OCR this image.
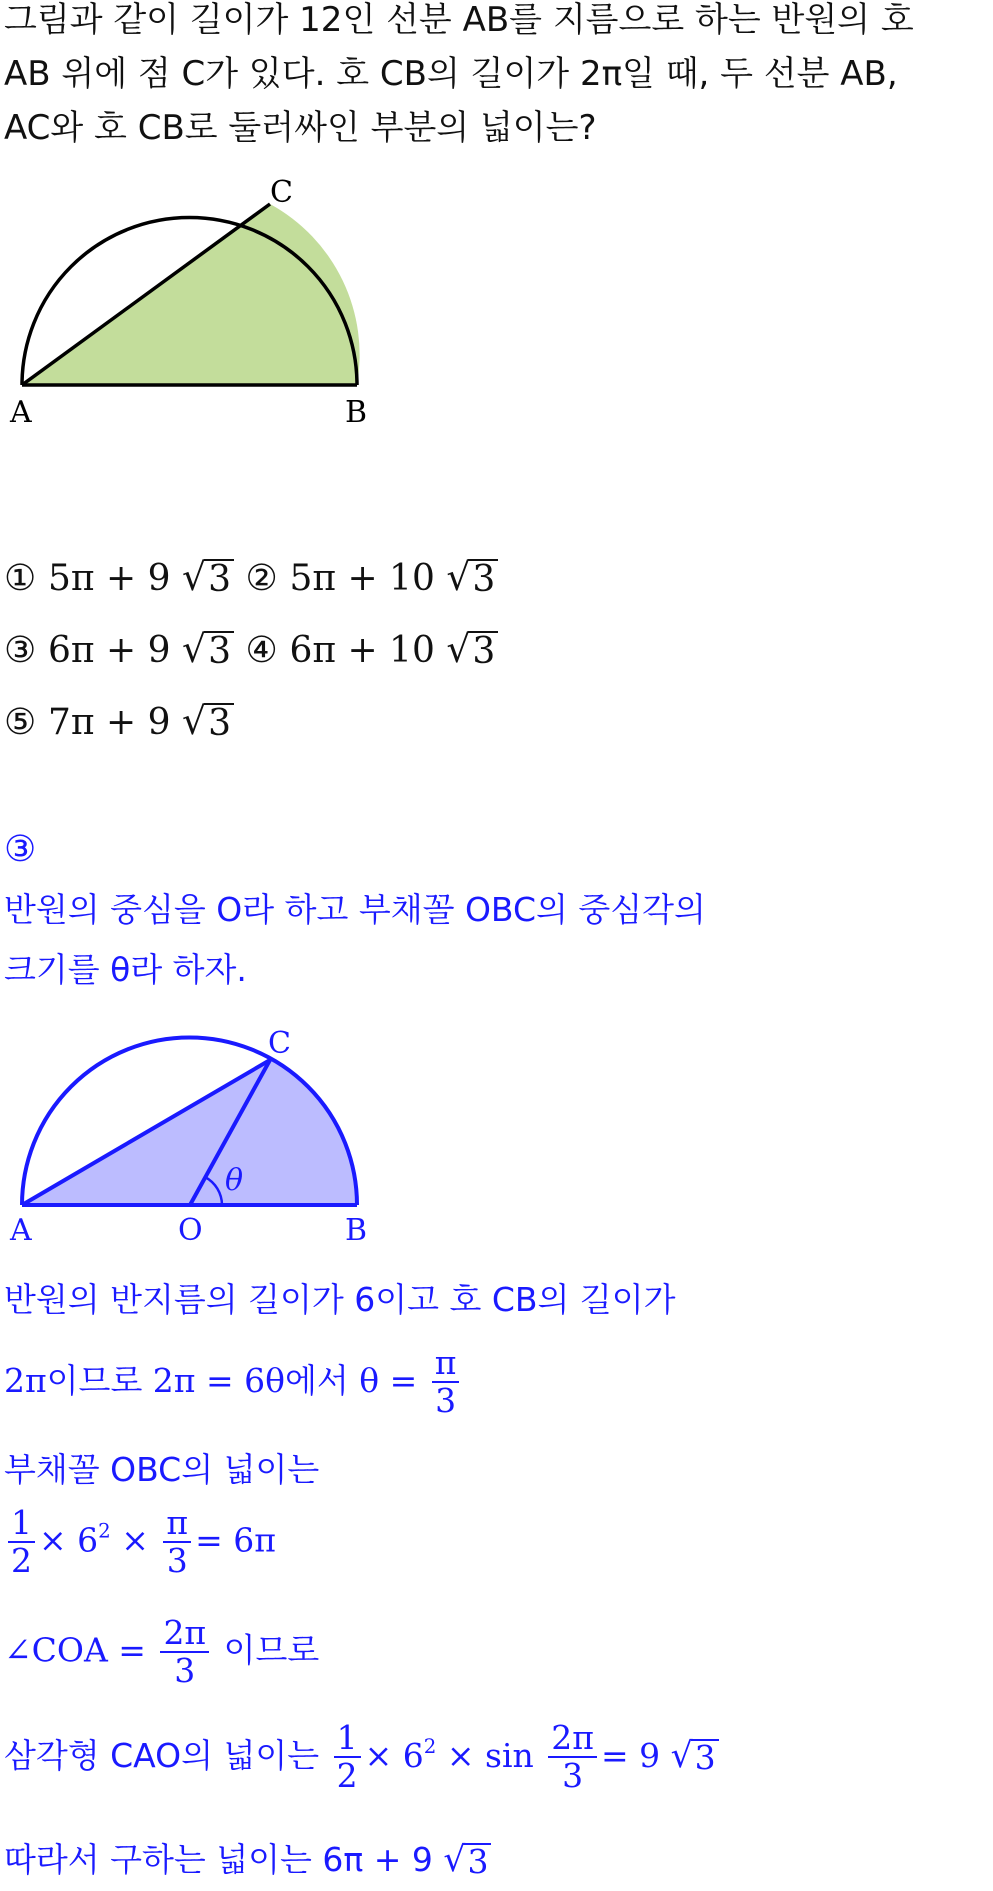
그림과 같이 길이가 12인 선분 AB를 지름으로 하는 반원의 호
AB 위에 점 C가 있다. 호 CB의 길이가 2π일 때, 두 선분 AB,
AC와 호 CB로 둘러싸인 부분의 넓이는?
A	B
C
① 5π + 9 √ 3 ② 5π + 10 √ 3
③ 6π + 9 √ 3 ④ 6π + 10 √ 3
⑤ 7π + 9 √ 3
③
반원의 중심을 O라 하고 부채꼴 OBC의 중심각의
크기를 θ라 하자.
θ
A	O	B
C
반원의 반지름의 길이가 6이고 호 CB의 길이가
2π이므로 2π = 6θ에서 $\theta = \frac{\pi}{3}$
부채꼴 OBC의 넓이는
$\frac{1}{2} \times 6^2 \times \frac{\pi}{3} = 6\pi$
∠COA = $\frac{2\pi}{3}$ 이므로
삼각형 CAO의 넓이는 $\frac{1}{2} \times 6^2 \times \sin \frac{2\pi}{3} = 9$ √ 3
따라서 구하는 넓이는 6π + 9 √ 3
